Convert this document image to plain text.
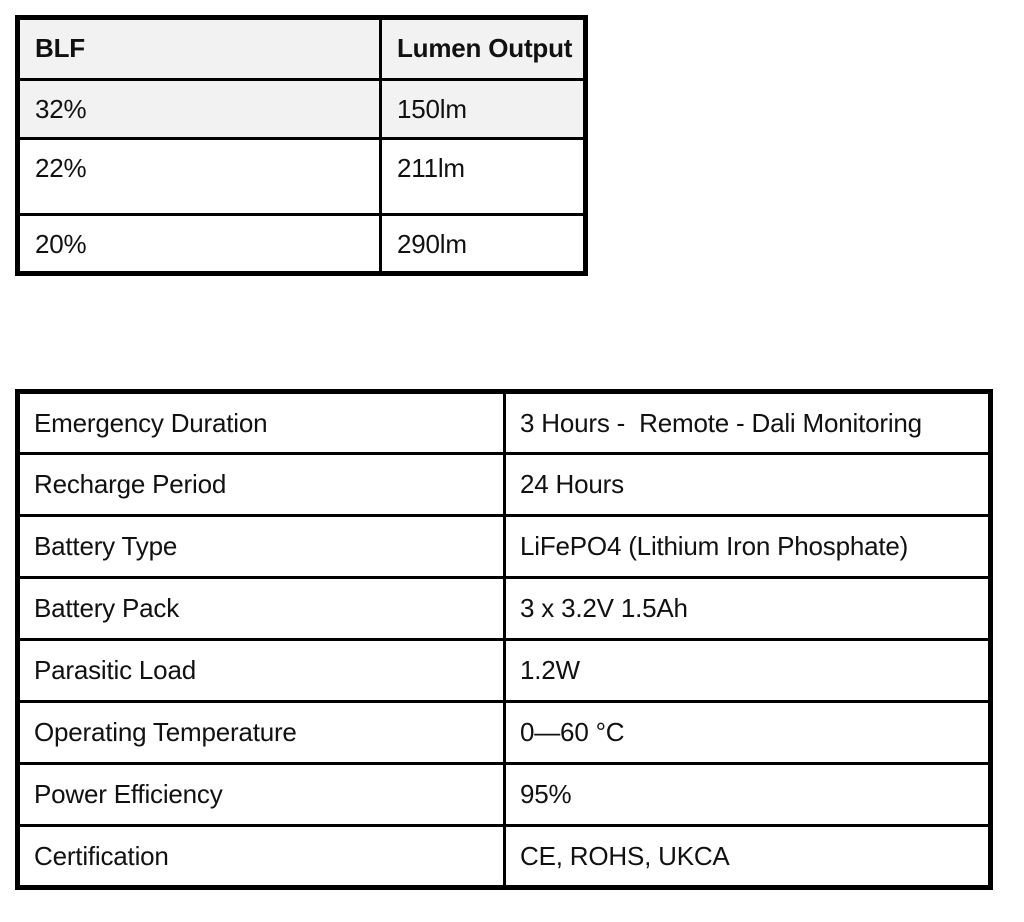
BLF	Lumen Output
32%	150lm
22%	211lm
20%	290lm
Emergency Duration	3 Hours -  Remote - Dali Monitoring
Recharge Period	24 Hours
Battery Type	LiFePO4 (Lithium Iron Phosphate)
Battery Pack	3 x 3.2V 1.5Ah
Parasitic Load	1.2W
Operating Temperature	0—60 °C
Power Efficiency	95%
Certification	CE, ROHS, UKCA
